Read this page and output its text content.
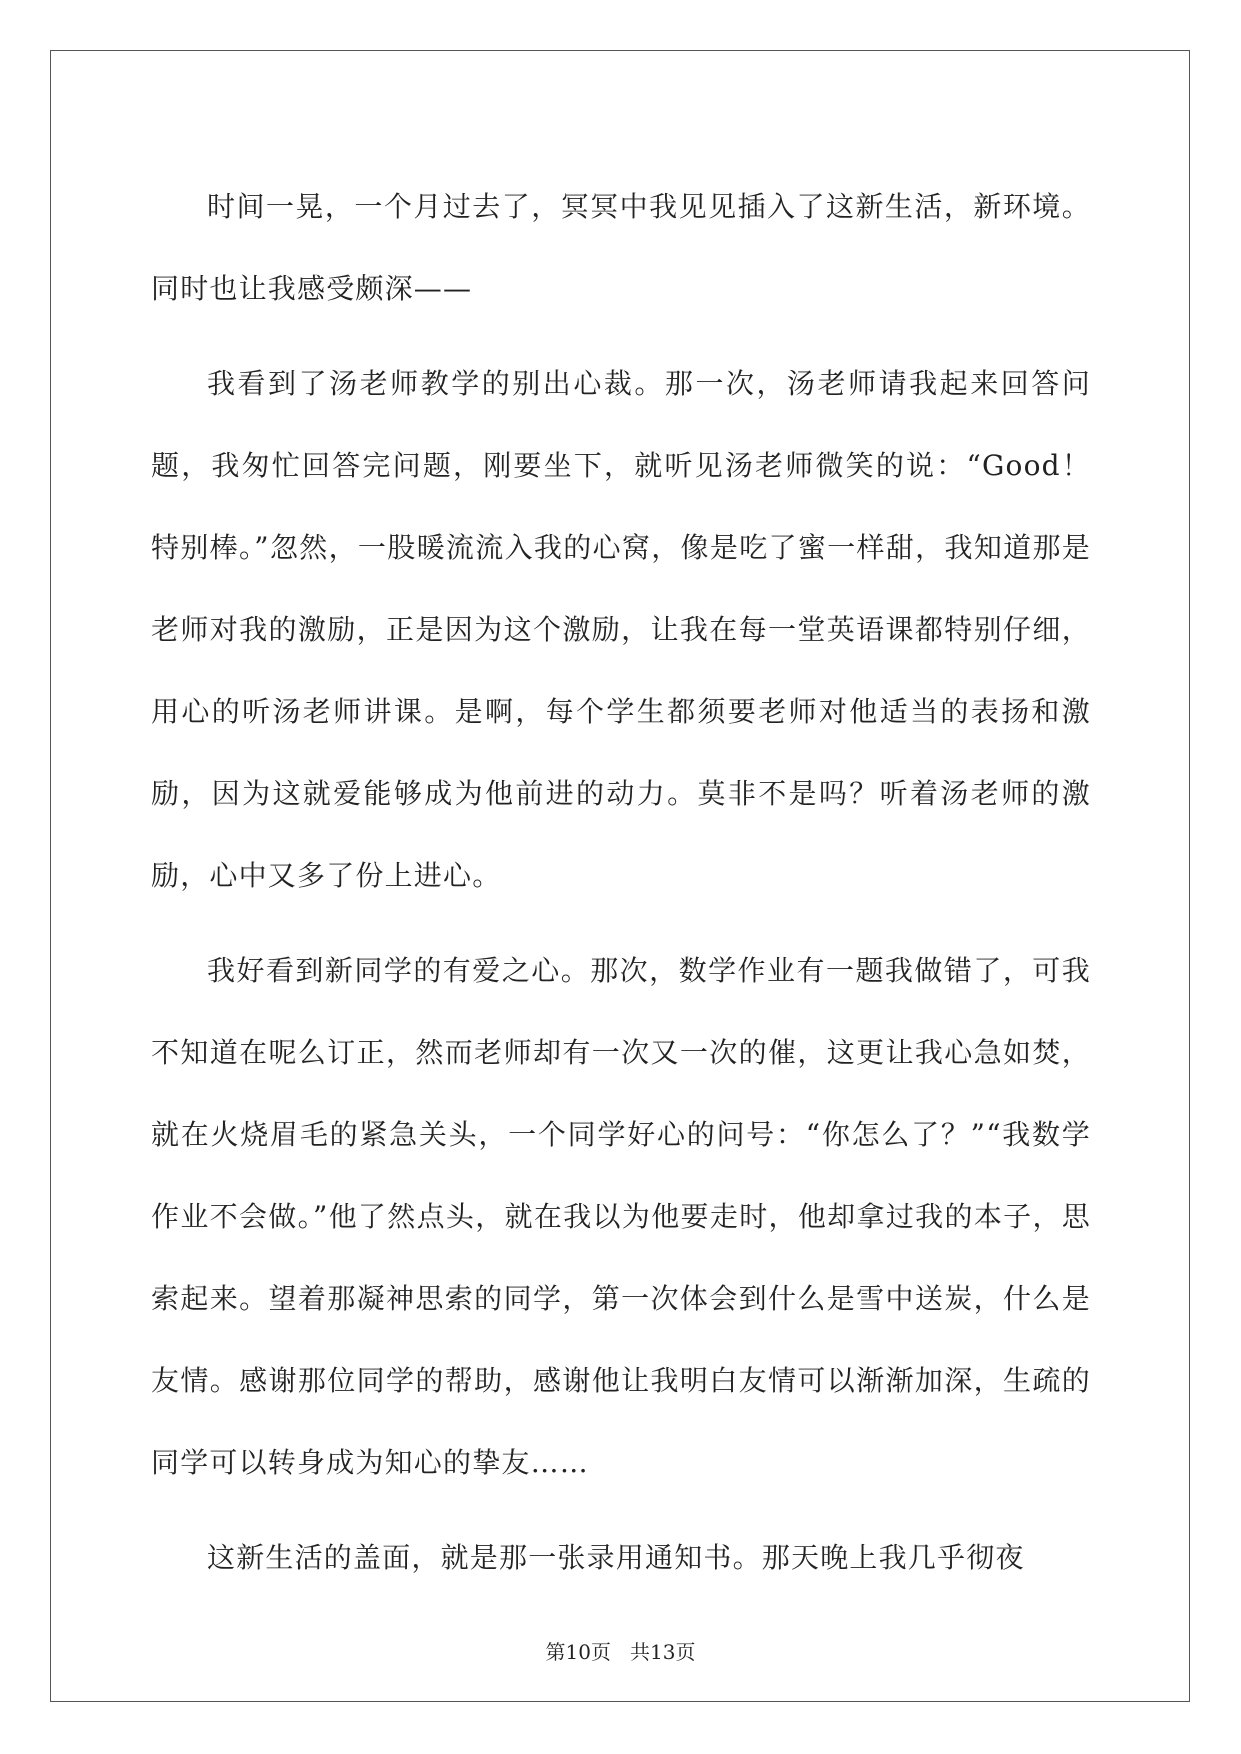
时间一晃，一个月过去了，冥冥中我见见插入了这新生活，新环境。同时也让我感受颇深——

我看到了汤老师教学的别出心裁。那一次，汤老师请我起来回答问题，我匆忙回答完问题，刚要坐下，就听见汤老师微笑的说：“Good！特别棒。”忽然，一股暖流流入我的心窝，像是吃了蜜一样甜，我知道那是老师对我的激励，正是因为这个激励，让我在每一堂英语课都特别仔细，用心的听汤老师讲课。是啊，每个学生都须要老师对他适当的表扬和激励，因为这就爱能够成为他前进的动力。莫非不是吗？听着汤老师的激励，心中又多了份上进心。

我好看到新同学的有爱之心。那次，数学作业有一题我做错了，可我不知道在呢么订正，然而老师却有一次又一次的催，这更让我心急如焚，就在火烧眉毛的紧急关头，一个同学好心的问号：“你怎么了？”“我数学作业不会做。”他了然点头，就在我以为他要走时，他却拿过我的本子，思索起来。望着那凝神思索的同学，第一次体会到什么是雪中送炭，什么是友情。感谢那位同学的帮助，感谢他让我明白友情可以渐渐加深，生疏的同学可以转身成为知心的挚友……

这新生活的盖面，就是那一张录用通知书。那天晚上我几乎彻夜

第10页 共13页
